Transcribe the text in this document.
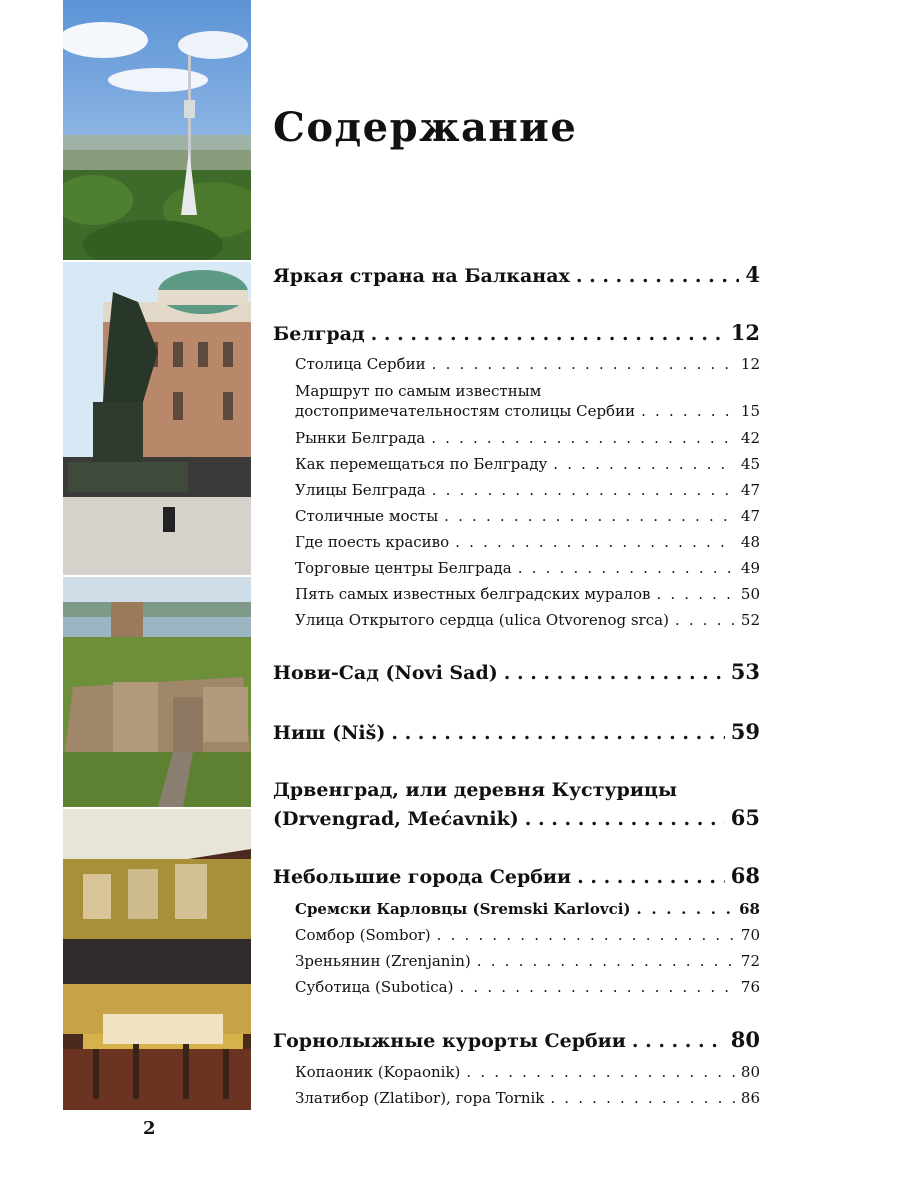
Содержание
Яркая страна на Балканах . . .	4
Белград . . .	12
Столица Сербии . . .	12
Маршрут по самым известным
достопримечательностям столицы Сербии . . .	15
Рынки Белграда . . .	42
Как перемещаться по Белграду . . .	45
Улицы Белграда . . .	47
Столичные мосты . . .	47
Где поесть красиво . . .	48
Торговые центры Белграда . . .	49
Пять самых известных белградских муралов . . .	50
Улица Открытого сердца (ulica Otvorenog srca) . . .	52
Нови-Сад (Novi Sad) . . .	53
Ниш (Niš) . . .	59
Дрвенград, или деревня Кустурицы
(Drvengrad, Mećavnik) . . .	65
Небольшие города Сербии . . .	68
Сремски Карловцы (Sremski Karlovci) . . .	68
Сомбор (Sombor) . . .	70
Зреньянин (Zrenjanin) . . .	72
Суботица (Subotica) . . .	76
Горнолыжные курорты Сербии . . .	80
Копаоник (Kopaonik) . . .	80
Златибор (Zlatibor), гора Tornik . . .	86
2
